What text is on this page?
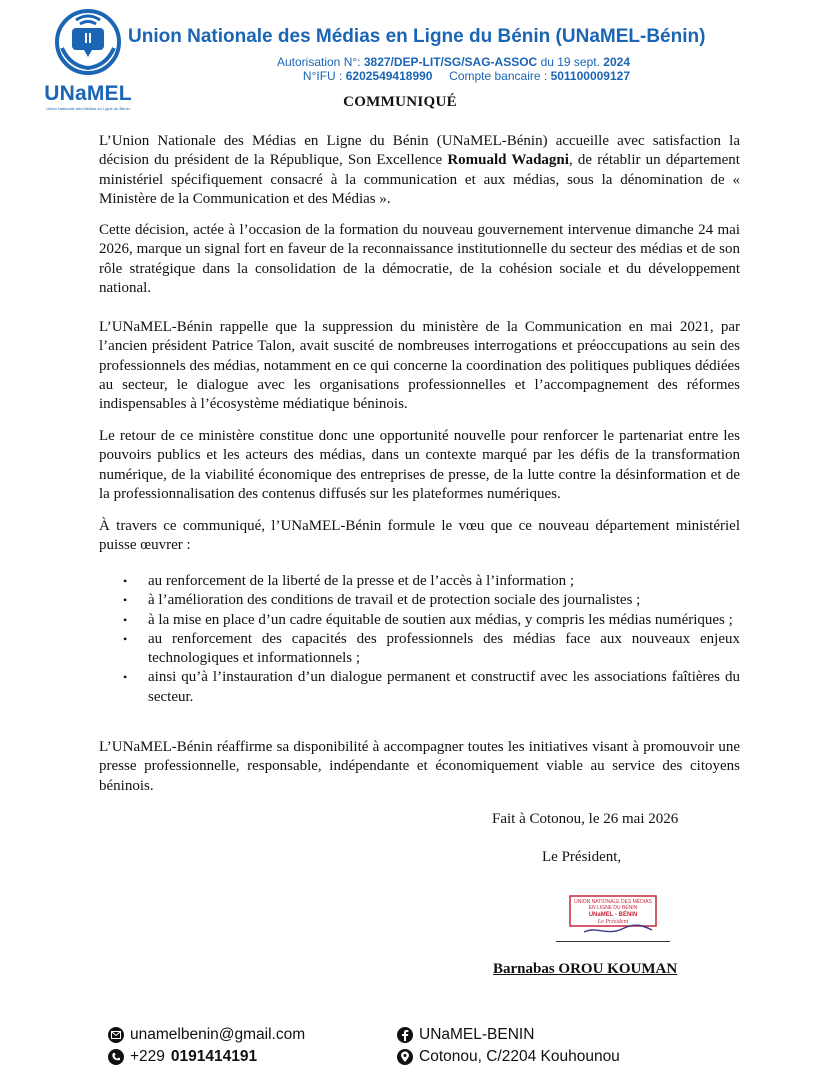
UNaMEL
Union Nationale des Médias en Ligne du Bénin
Union Nationale des Médias en Ligne du Bénin (UNaMEL-Bénin)
Autorisation N°: 3827/DEP-LIT/SG/SAG-ASSOC du 19 sept. 2024
N°IFU : 6202549418990 Compte bancaire : 501100009127
COMMUNIQUÉ
L’Union Nationale des Médias en Ligne du Bénin (UNaMEL-Bénin) accueille avec satisfaction la décision du président de la République, Son Excellence Romuald Wadagni, de rétablir un département ministériel spécifiquement consacré à la communication et aux médias, sous la dénomination de « Ministère de la Communication et des Médias ».
Cette décision, actée à l’occasion de la formation du nouveau gouvernement intervenue dimanche 24 mai 2026, marque un signal fort en faveur de la reconnaissance institutionnelle du secteur des médias et de son rôle stratégique dans la consolidation de la démocratie, de la cohésion sociale et du développement national.
L’UNaMEL-Bénin rappelle que la suppression du ministère de la Communication en mai 2021, par l’ancien président Patrice Talon, avait suscité de nombreuses interrogations et préoccupations au sein des professionnels des médias, notamment en ce qui concerne la coordination des politiques publiques dédiées au secteur, le dialogue avec les organisations professionnelles et l’accompagnement des réformes indispensables à l’écosystème médiatique béninois.
Le retour de ce ministère constitue donc une opportunité nouvelle pour renforcer le partenariat entre les pouvoirs publics et les acteurs des médias, dans un contexte marqué par les défis de la transformation numérique, de la viabilité économique des entreprises de presse, de la lutte contre la désinformation et de la professionnalisation des contenus diffusés sur les plateformes numériques.
À travers ce communiqué, l’UNaMEL-Bénin formule le vœu que ce nouveau département ministériel puisse œuvrer :
• au renforcement de la liberté de la presse et de l’accès à l’information ;
• à l’amélioration des conditions de travail et de protection sociale des journalistes ;
• à la mise en place d’un cadre équitable de soutien aux médias, y compris les médias numériques ;
• au renforcement des capacités des professionnels des médias face aux nouveaux enjeux technologiques et informationnels ;
• ainsi qu’à l’instauration d’un dialogue permanent et constructif avec les associations faîtières du secteur.
L’UNaMEL-Bénin réaffirme sa disponibilité à accompagner toutes les initiatives visant à promouvoir une presse professionnelle, responsable, indépendante et économiquement viable au service des citoyens béninois.
Fait à Cotonou, le 26 mai 2026
Le Président,
UNION NATIONALE DES MÉDIAS
EN LIGNE DU BÉNIN
UNaMEL - BÉNIN
Le Président
Barnabas OROU KOUMAN
unamelbenin@gmail.com
+229 0191414191
UNaMEL-BENIN
Cotonou, C/2204 Kouhounou
